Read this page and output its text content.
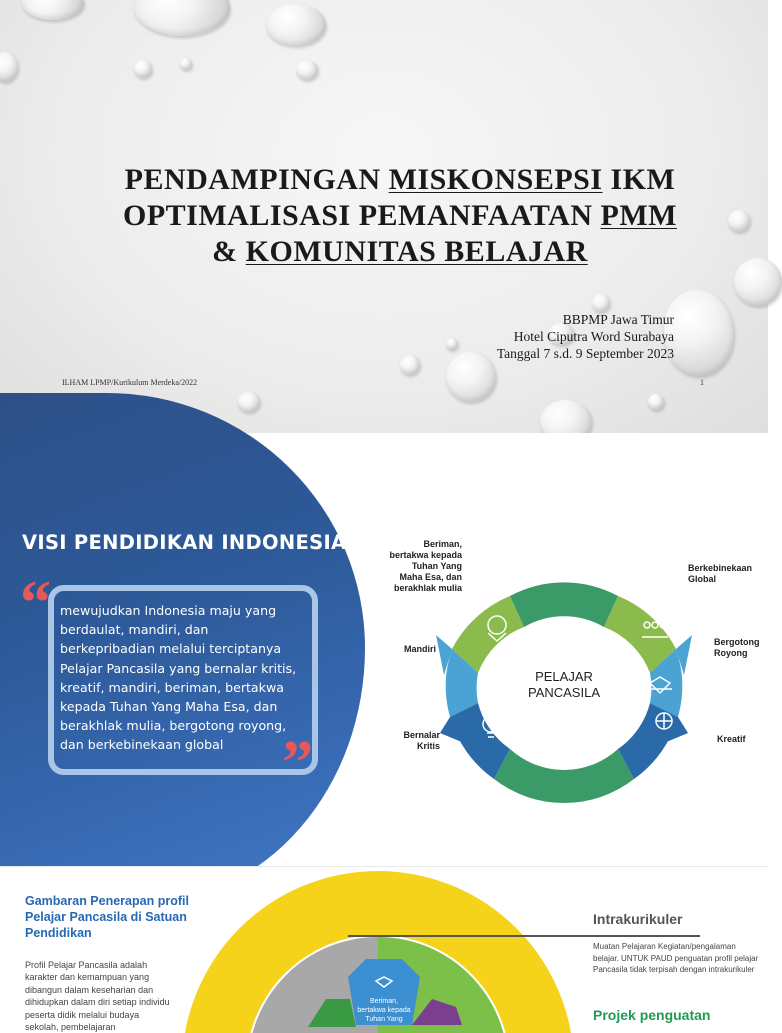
PENDAMPINGAN MISKONSEPSI IKM
OPTIMALISASI PEMANFAATAN PMM
& KOMUNITAS BELAJAR
BBPMP Jawa Timur
Hotel Ciputra Word Surabaya
Tanggal 7 s.d. 9 September 2023
ILHAM LPMP/Kurikulum Merdeka/2022	1
VISI PENDIDIKAN INDONESIA
“ mewujudkan Indonesia maju yang berdaulat, mandiri, dan berkepribadian melalui terciptanya Pelajar Pancasila yang bernalar kritis, kreatif, mandiri, beriman, bertakwa kepada Tuhan Yang Maha Esa, dan berakhlak mulia, bergotong royong, dan berkebinekaan global ”
PELAJAR
PANCASILA
Beriman,
bertakwa kepada
Tuhan Yang
Maha Esa, dan
berakhlak mulia
Mandiri
Bernalar
Kritis
Berkebinekaan
Global
Bergotong
Royong
Kreatif
Gambaran Penerapan profil Pelajar Pancasila di Satuan Pendidikan

Profil Pelajar Pancasila adalah karakter dan kemampuan yang dibangun dalam keseharian dan dihidupkan dalam diri setiap individu peserta didik melalui budaya sekolah, pembelajaran

Beriman,
bertakwa kepada
Tuhan Yang
Intrakurikuler

Muatan Pelajaran Kegiatan/pengalaman belajar. UNTUK PAUD penguatan profil pelajar Pancasila tidak terpisah dengan intrakurikuler

Projek penguatan
